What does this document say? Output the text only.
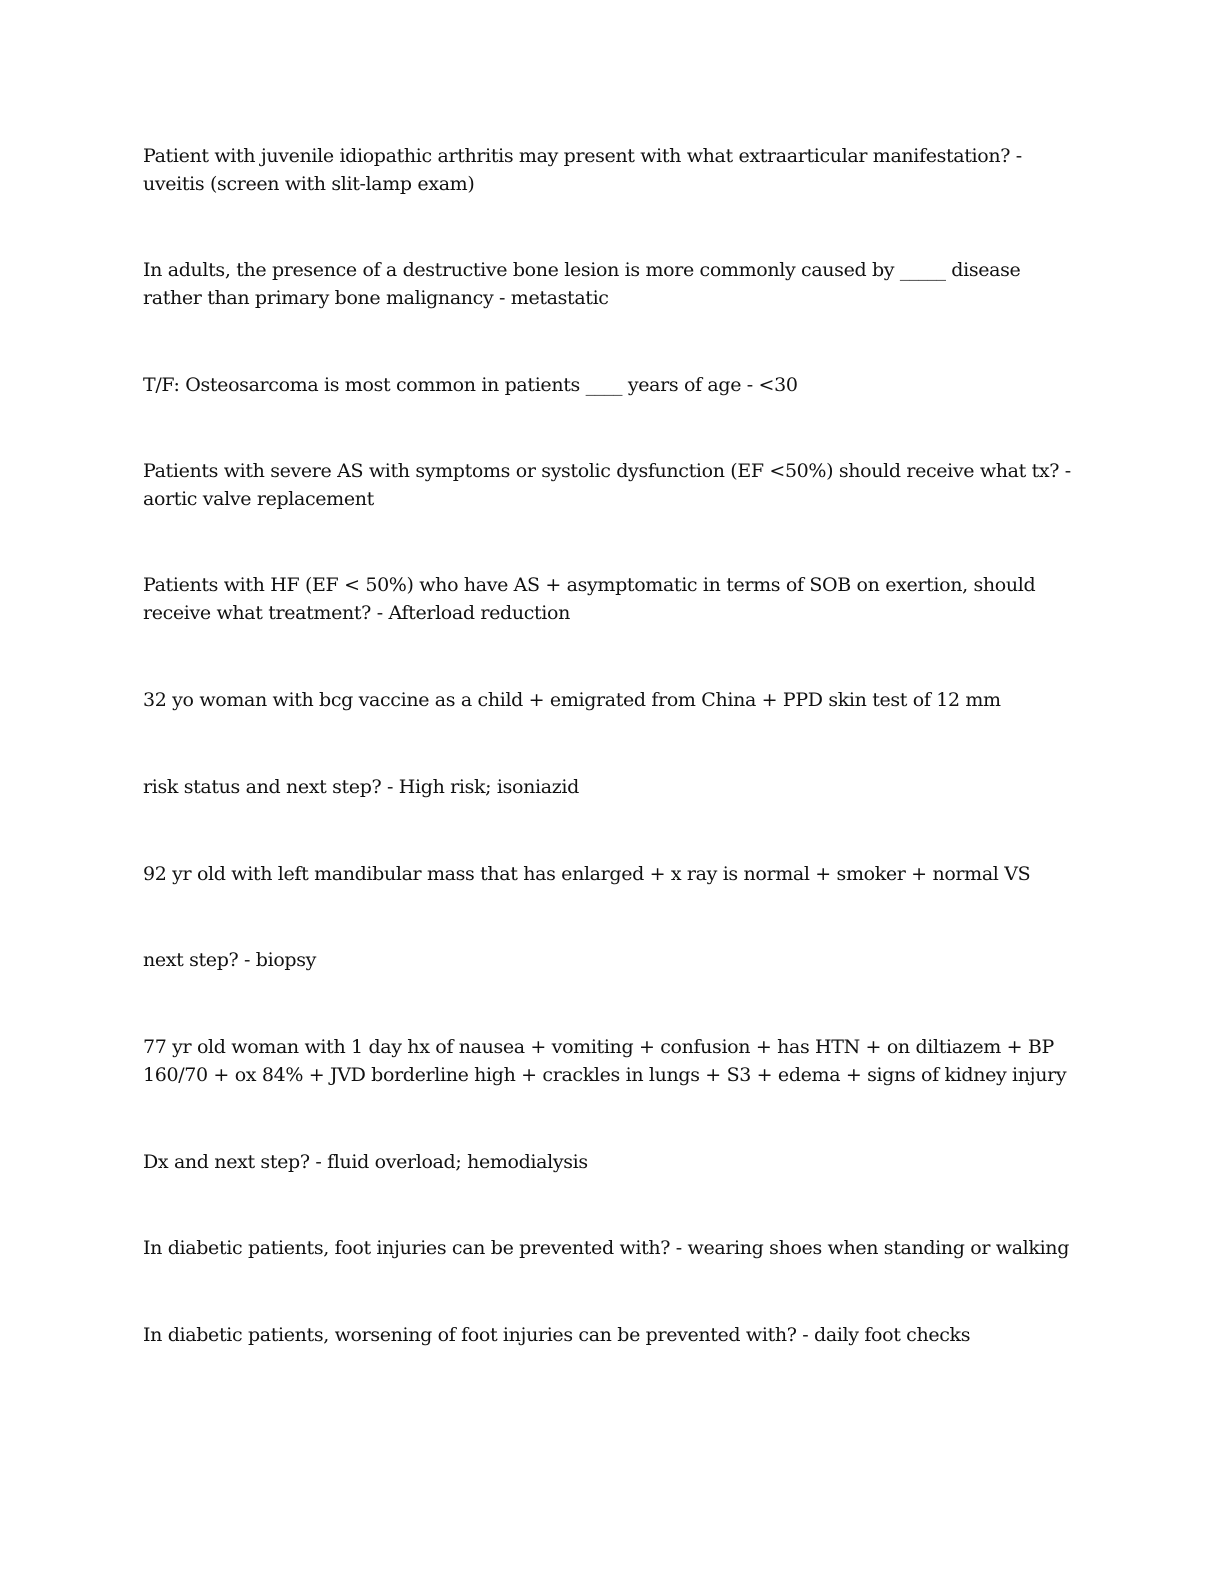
Patient with juvenile idiopathic arthritis may present with what extraarticular manifestation? -
uveitis (screen with slit-lamp exam)

In adults, the presence of a destructive bone lesion is more commonly caused by _____ disease
rather than primary bone malignancy - metastatic

T/F: Osteosarcoma is most common in patients ____ years of age - <30

Patients with severe AS with symptoms or systolic dysfunction (EF <50%) should receive what tx? -
aortic valve replacement

Patients with HF (EF < 50%) who have AS + asymptomatic in terms of SOB on exertion, should
receive what treatment? - Afterload reduction

32 yo woman with bcg vaccine as a child + emigrated from China + PPD skin test of 12 mm

risk status and next step? - High risk; isoniazid

92 yr old with left mandibular mass that has enlarged + x ray is normal + smoker + normal VS

next step? - biopsy

77 yr old woman with 1 day hx of nausea + vomiting + confusion + has HTN + on diltiazem + BP
160/70 + ox 84% + JVD borderline high + crackles in lungs + S3 + edema + signs of kidney injury

Dx and next step? - fluid overload; hemodialysis

In diabetic patients, foot injuries can be prevented with? - wearing shoes when standing or walking

In diabetic patients, worsening of foot injuries can be prevented with? - daily foot checks
